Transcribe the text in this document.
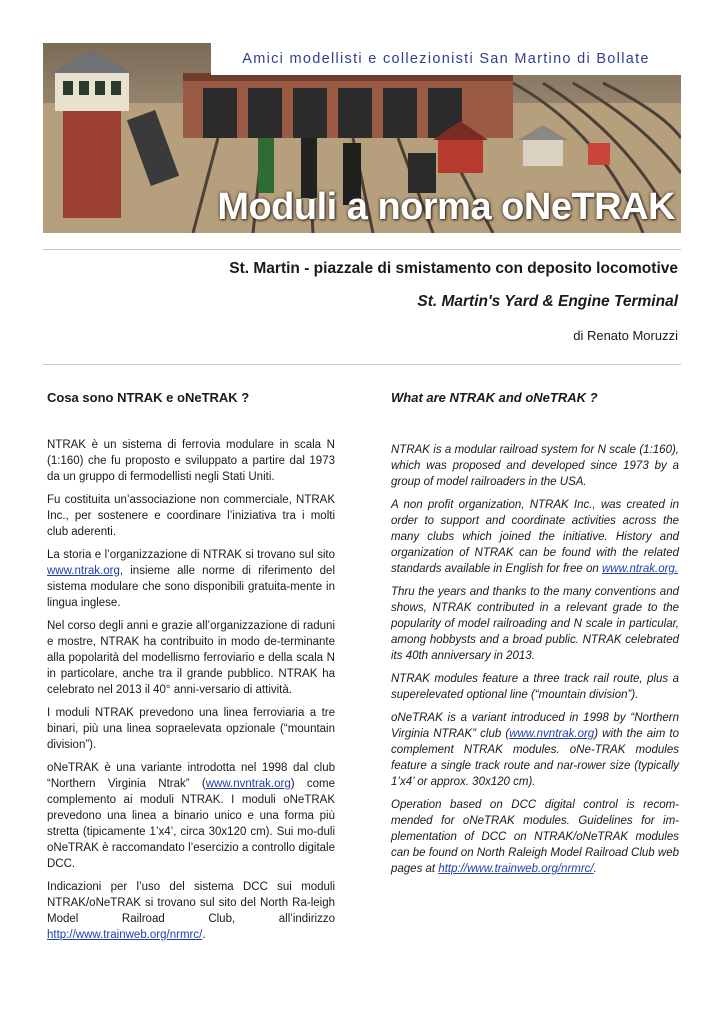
Amici modellisti e collezionisti San Martino di Bollate
Moduli a norma oNeTRAK
St. Martin - piazzale di smistamento con deposito locomotive
St. Martin's Yard & Engine Terminal
di Renato Moruzzi
Cosa sono NTRAK e oNeTRAK ?	What are NTRAK and oNeTRAK ?

NTRAK è un sistema di ferrovia modulare in scala N (1:160) che fu proposto e sviluppato a partire dal 1973 da un gruppo di fermodellisti negli Stati Uniti.

Fu costituita un’associazione non commerciale, NTRAK Inc., per sostenere e coordinare l’iniziativa tra i molti club aderenti.

La storia e l’organizzazione di NTRAK si trovano sul sito www.ntrak.org, insieme alle norme di riferimento del sistema modulare che sono disponibili gratuita-mente in lingua inglese.

Nel corso degli anni e grazie all’organizzazione di raduni e mostre, NTRAK ha contribuito in modo de-terminante alla popolarità del modellismo ferroviario e della scala N in particolare, anche tra il grande pubblico. NTRAK ha celebrato nel 2013 il 40° anni-versario di attività.

I moduli NTRAK prevedono una linea ferroviaria a tre binari, più una linea sopraelevata opzionale (“mountain division”).

oNeTRAK è una variante introdotta nel 1998 dal club “Northern Virginia Ntrak” (www.nvntrak.org) come complemento ai moduli NTRAK. I moduli oNeTRAK prevedono una linea a binario unico e una forma più stretta (tipicamente 1’x4’, circa 30x120 cm). Sui mo-duli oNeTRAK è raccomandato l’esercizio a controllo digitale DCC.

Indicazioni per l’uso del sistema DCC sui moduli NTRAK/oNeTRAK si trovano sul sito del North Ra-leigh Model Railroad Club, all’indirizzo http://www.trainweb.org/nrmrc/.

NTRAK is a modular railroad system for N scale (1:160), which was proposed and developed since 1973 by a group of model railroaders in the USA.

A non profit organization, NTRAK Inc., was created in order to support and coordinate activities across the many clubs which joined the initiative. History and organization of NTRAK can be found with the related standards available in English for free on www.ntrak.org.

Thru the years and thanks to the many conventions and shows, NTRAK contributed in a relevant grade to the popularity of model railroading and N scale in particular, among hobbysts and a broad public. NTRAK celebrated its 40th anniversary in 2013.

NTRAK modules feature a three track rail route, plus a superelevated optional line (“mountain division”).

oNeTRAK is a variant introduced in 1998 by “Northern Virginia NTRAK” club (www.nvntrak.org) with the aim to complement NTRAK modules. oNe-TRAK modules feature a single track route and nar-rower size (typically 1’x4’ or approx. 30x120 cm).

Operation based on DCC digital control is recom-mended for oNeTRAK modules. Guidelines for im-plementation of DCC on NTRAK/oNeTRAK modules can be found on North Raleigh Model Railroad Club web pages at http://www.trainweb.org/nrmrc/.
